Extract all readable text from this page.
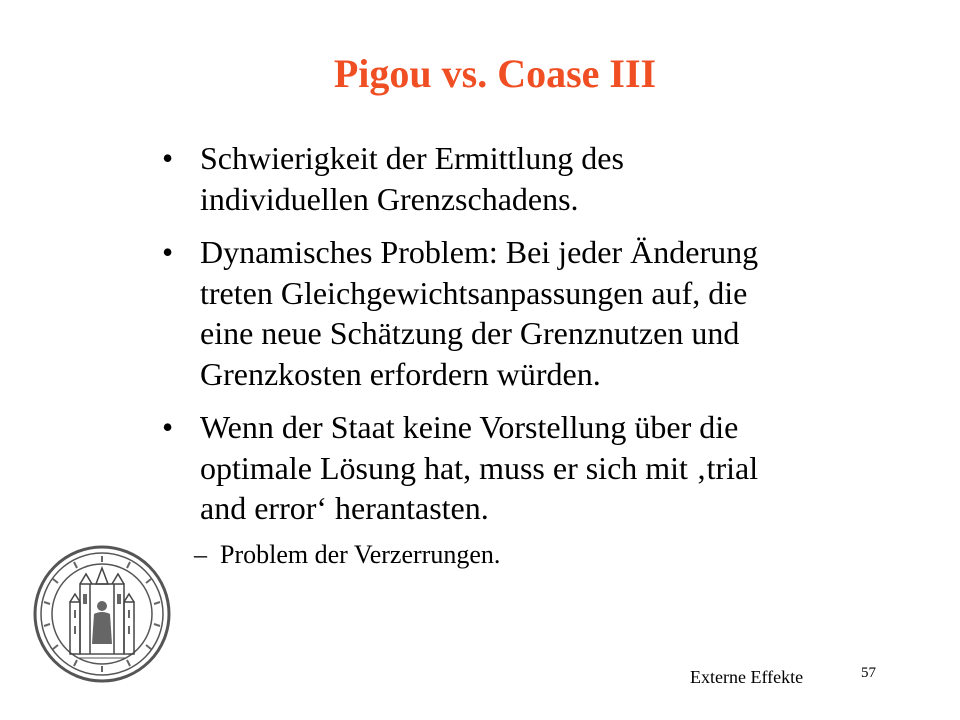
Pigou vs. Coase III
• Schwierigkeit der Ermittlung des
individuellen Grenzschadens.
• Dynamisches Problem: Bei jeder Änderung
treten Gleichgewichtsanpassungen auf, die
eine neue Schätzung der Grenznutzen und
Grenzkosten erfordern würden.
• Wenn der Staat keine Vorstellung über die
optimale Lösung hat, muss er sich mit ‚trial
and error‘ herantasten.
– Problem der Verzerrungen.
Externe Effekte	57
